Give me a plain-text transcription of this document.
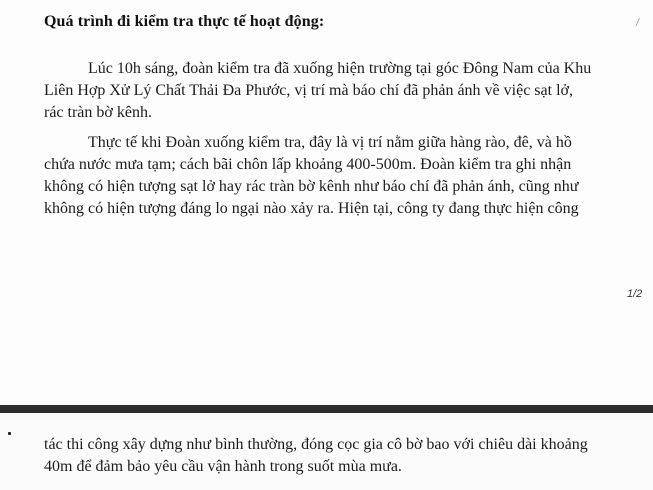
Quá trình đi kiểm tra thực tế hoạt động:	/
Lúc 10h sáng, đoàn kiểm tra đã xuống hiện trường tại góc Đông Nam của Khu
Liên Hợp Xử Lý Chất Thải Đa Phước, vị trí mà báo chí đã phản ánh về việc sạt lở,
rác tràn bờ kênh.
Thực tế khi Đoàn xuống kiểm tra, đây là vị trí nằm giữa hàng rào, đê, và hồ
chứa nước mưa tạm; cách bãi chôn lấp khoảng 400-500m. Đoàn kiểm tra ghi nhận
không có hiện tượng sạt lở hay rác tràn bờ kênh như báo chí đã phản ánh, cũng như
không có hiện tượng đáng lo ngại nào xảy ra. Hiện tại, công ty đang thực hiện công
1/2
tác thi công xây dựng như bình thường, đóng cọc gia cô bờ bao với chiêu dài khoảng
40m để đảm bảo yêu cầu vận hành trong suốt mùa mưa.
